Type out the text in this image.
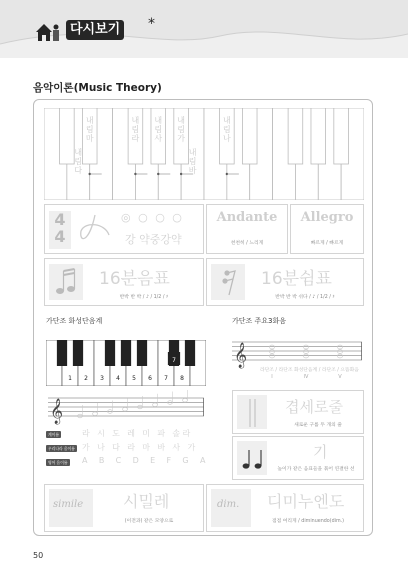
다시보기 *
음악이론(Music Theory)
내림마	내림라 내림사 내림가	내림나
내림다	내림바
4
4
◎ ○ ○ ○
강 약중강약
Andante
천천히 / 느리게
Allegro
빠르게 / 빠르게
16분음표
반박 반 박 / ♪ / 1/2 / ♯
16분쉼표
반박 반 박 쉬다 / ♪ / 1/2 / ♯
가단조 화성단음계
1 2 3 4 5 6 7 8
7
𝄞
계이름	라 시 도 레 미 파 솔라
우리나라 음이름 가 나 다 라 마 바 사 가
영어 음이름 A B C D E F G A
가단조 주요3화음
𝄞
I	IV	V
라단조 / 라단조 화성단음계 / 라단조 / 으뜸화음
겹세로줄
새로운 구를 두 개의 줄
기
높이가 같은 음표들을 묶어 연결한 선
simile 시밀레
(이전과) 같은 모양으로
dim. 디미누엔도
점점 여리게 / diminuendo(dim.)
50
